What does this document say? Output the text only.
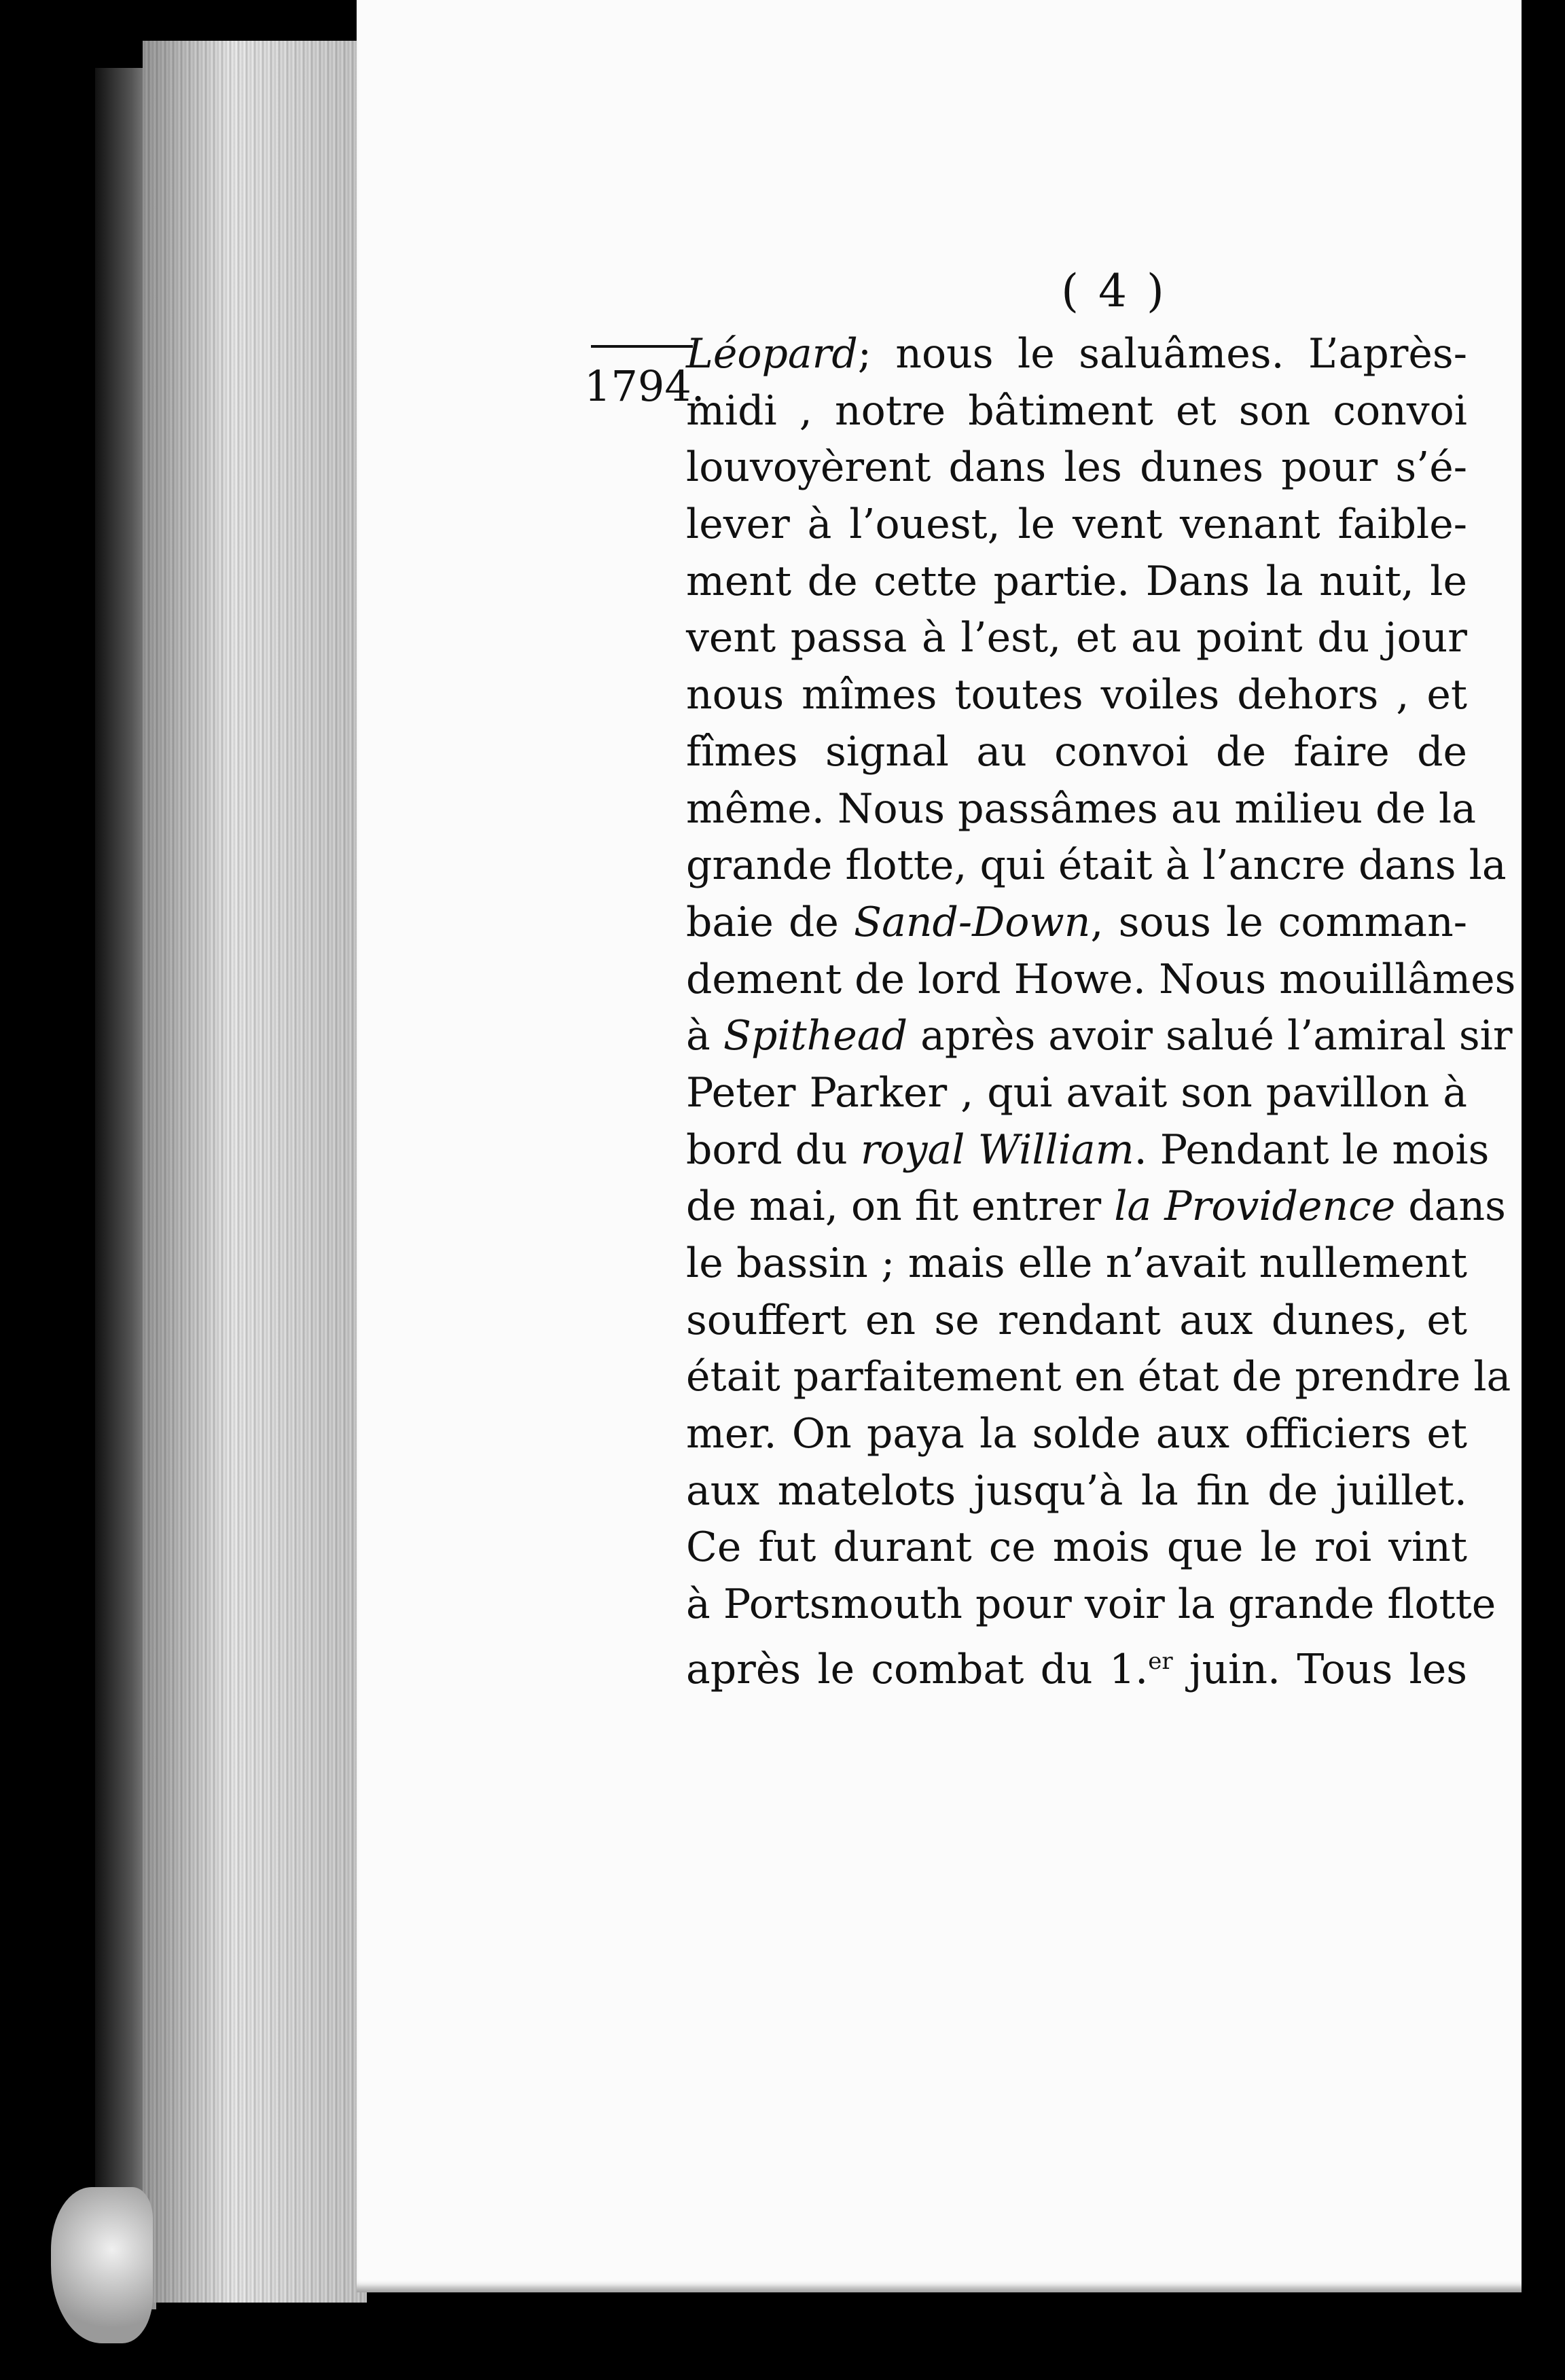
( 4 )
1794.
Léopard; nous le saluâmes. L’après-
midi , notre bâtiment et son convoi
louvoyèrent dans les dunes pour s’é-
lever à l’ouest, le vent venant faible-
ment de cette partie. Dans la nuit, le
vent passa à l’est, et au point du jour
nous mîmes toutes voiles dehors , et
fîmes signal au convoi de faire de
même. Nous passâmes au milieu de la
grande flotte, qui était à l’ancre dans la
baie de Sand-Down, sous le comman-
dement de lord Howe. Nous mouillâmes
à Spithead après avoir salué l’amiral sir
Peter Parker , qui avait son pavillon à
bord du royal William. Pendant le mois
de mai, on fit entrer la Providence dans
le bassin ; mais elle n’avait nullement
souffert en se rendant aux dunes, et
était parfaitement en état de prendre la
mer. On paya la solde aux officiers et
aux matelots jusqu’à la fin de juillet.
Ce fut durant ce mois que le roi vint
à Portsmouth pour voir la grande flotte
après le combat du 1.$^{er}$ juin. Tous les
